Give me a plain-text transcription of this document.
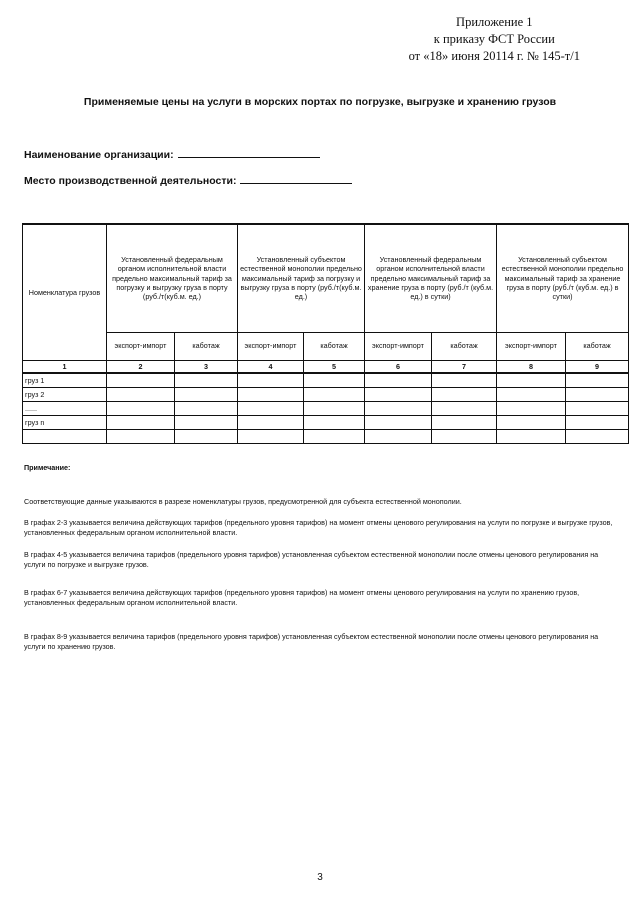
Приложение 1
к приказу ФСТ России
от «18» июня 20114 г. № 145-т/1
Применяемые цены на услуги в морских портах по погрузке, выгрузке и хранению грузов
Наименование организации:
Место производственной деятельности:
Номенклатура грузов	Установленный федеральным органом исполнительной власти предельно максимальный тариф за погрузку и выгрузку груза в порту (руб./т(куб.м. ед.)		Установленный субъектом естественной монополии предельно максимальный тариф за погрузку и выгрузку груза в порту (руб./т(куб.м. ед.)		Установленный федеральным органом исполнительной власти предельно максимальный тариф за хранение груза в порту (руб./т (куб.м. ед.) в сутки)		Установленный субъектом естественной монополии предельно максимальный тариф за хранение груза в порту (руб./т (куб.м. ед.) в сутки)	
	экспорт-импорт	каботаж	экспорт-импорт	каботаж	экспорт-импорт	каботаж	экспорт-импорт	каботаж
1	2	3	4	5	6	7	8	9
груз 1								
груз 2								
......								
груз n								

Примечание:
Соответствующие данные указываются в разрезе номенклатуры грузов, предусмотренной для субъекта естественной монополии.
В графах 2-3 указывается величина действующих тарифов (предельного уровня тарифов) на момент отмены ценового регулирования на услуги по погрузке и выгрузке грузов, установленных федеральным органом исполнительной власти.
В графах 4-5 указывается величина тарифов (предельного уровня тарифов) установленная субъектом естественной монополии после отмены ценового регулирования на услуги по погрузке и выгрузке грузов.
В графах 6-7 указывается величина действующих тарифов (предельного уровня тарифов) на момент отмены ценового регулирования на услуги по хранению грузов, установленных федеральным органом исполнительной власти.
В графах 8-9 указывается величина тарифов (предельного уровня тарифов) установленная субъектом естественной монополии после отмены ценового регулирования на услуги по хранению грузов.
3
